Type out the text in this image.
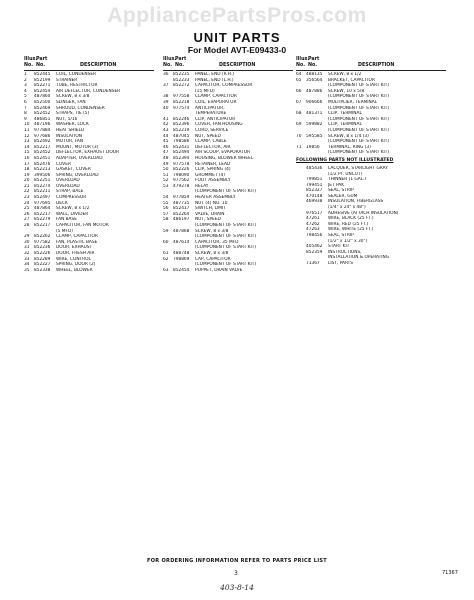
AppliancePartsPros.com
UNIT PARTS
For Model AVT-E09433-0
Illus.
No.
Part
No.	DESCRIPTION
1	852445	COIL, CONDENSER
2	852199	STRAINER
3	852271	TUBE, RESTRICTOR
4	852454	AIR DEFLECTOR, CONDENSER
5	487860	SCREW, 8 x 3/8
6	852500	SLINGER, FAN
7	852469	SHROUD, CONDENSER
8	852452	STRAPS, TIE (5)
9	486851	NUT, 5/16
10	487196	WASHER, LOCK
11	977884	HEAT SHIELD
12	977686	INSULATION
13	852492	MOTOR, FAN
14	852217	MOUNT, MOTOR (3)
15	852452	DEFLECTOR, EXHAUST DOOR
16	852451	ADAPTER, OVERLOAD
17	852476	COVER
18	852213	GASKET, COVER
19	399506	SPRING, OVERLOAD
20	852251	OVERLOAD
21	852274	OVERLOAD
22	852211	STRAP, BALE
23	852497	COMPRESSOR
24	977695	DECK
25	487864	SCREW, 8 x 1/2
26	852217	WALL, DIVIDER
27	852279	FAN BASE
28	852217	CAPACITOR, FAN MOTOR
(5 MFD)
29	852262	CLAMP, CAPACITOR
30	977582	FAN, PLASTIC BASE
31	852236	DOOR, EXHAUST
32	852226	DOOR, FRESH AIR
33	852289	WIRE, CONTROL
34	852227	SPRING, DOOR (2)
35	852338	WHEEL, BLOWER
Illus.
No.
Part
No.	DESCRIPTION
36	852235	PANEL, END (R.H.)
852233	PANEL, END (L.H.)
37	852272	CAPACITOR, COMPRESSOR
(15 MFD)
38	977558	CLAMP, CAPACITOR
39	852218	COIL, EVAPORATOR
40	977574	ANTICIPATOR,
TEMPERATURE
41	852246	CLIP, ANTICIPATOR
42	852396	COVER, FAN HOUSING
43	852219	CORD, SERVICE
44	487045	NUT, SPEED
45	798586	CLAMP, CABLE
46	852431	DEFLECTOR, AIR
47	852494	AIR SCOOP, EVAPORATOR
48	852394	HOUSING, BLOWER WHEEL
49	977578	RETAINER, LEAD
50	852226	CLIP, SPRING (4)
51	798090	GROMMET (4)
52	977562	FOOT ASSEMBLY
53	479278	RELAY
(COMPONENT OF START KIT)
54	977859	HEATER ASSEMBLY
55	487735	NUT (4) NO. 10
56	852417	SWITCH, LIMIT
57	852264	VALVE, DRAIN
58	486197	NUT, SPEED
(COMPONENT OF START KIT)
59	487868	SCREW, 8 x 3/8
(COMPONENT OF START KIT)
60	487614	CAPACITOR, 35 MFD
(COMPONENT OF START KIT)
61	488748	SCREW, 8 x 3/8
62	798869	CAP, CAPACITOR
(COMPONENT OF START KIT)
63	852454	POPPET, DRAIN VALVE
Illus.
No.
Part
No.	DESCRIPTION
64	488135	SCREW, 8 x 1/2
65	356564	BRACKET, CAPACITOR
(COMPONENT OF START KIT)
66	487886	SCREW, 10 x 5/8
(COMPONENT OF START KIT)
67	906666	MULTIPLIER, TERMINAL
(COMPONENT OF START KIT)
68	481371	CLIP, TERMINAL
(COMPONENT OF START KIT)
69	599882	CLIP, TERMINAL
(COMPONENT OF START KIT)
70	595585	SCREW, 8 x 1/4 (3)
(COMPONENT OF START KIT)
71	19856	TERMINAL, RING (3)
(COMPONENT OF START KIT)
FOLLOWING PARTS NOT ILLUSTRATED
485436	LACQUER, STARLIGHT GRAY
(1/2 PT. UNCUT)
799851	THINNER (1 GAL.)
799451	JET PAK
852327	SEAL, STRIP
470148	SEALER, GUM
469938	INSULATION, FIBERGLASS
(1/4" x 24" x 48")
976517	ADHESIVE (ATTACH INSULATION)
47261	WIRE, BLACK (25 FT.)
47262	WIRE, RED (25 FT.)
47263	WIRE, WHITE (25 FT.)
798456	SEAL, STRIP
(1/2" x 1/2" x 30")
405462	START KIT
852359	INSTRUCTIONS,
INSTALLATION & OPERATING
71367	LIST, PARTS
FOR ORDERING INFORMATION REFER TO PARTS PRICE LIST
3	71367
403-8-14
